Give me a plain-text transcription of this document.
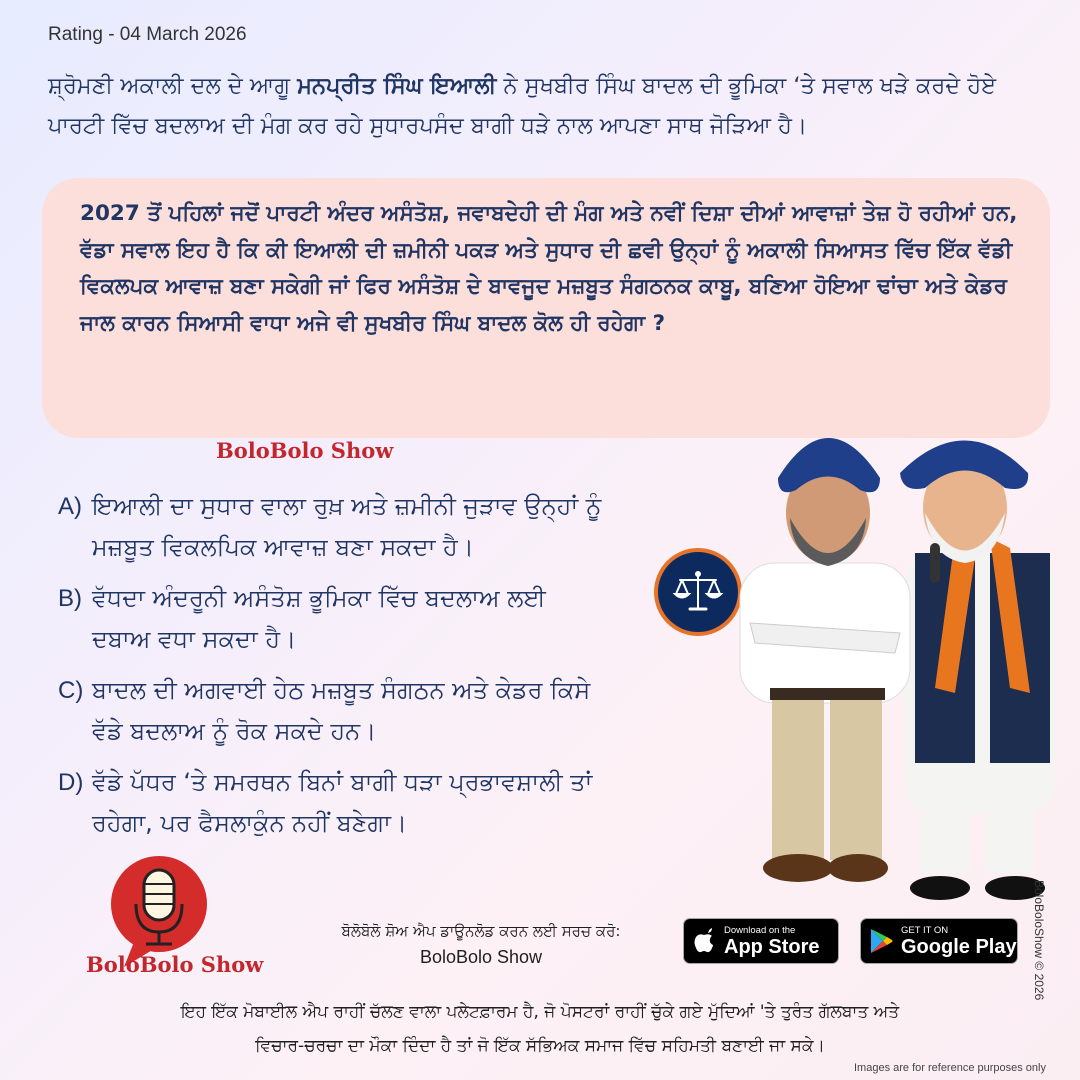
Rating - 04 March 2026
ਸ਼੍ਰੋਮਣੀ ਅਕਾਲੀ ਦਲ ਦੇ ਆਗੂ ਮਨਪ੍ਰੀਤ ਸਿੰਘ ਇਆਲੀ ਨੇ ਸੁਖਬੀਰ ਸਿੰਘ ਬਾਦਲ ਦੀ ਭੂਮਿਕਾ ‘ਤੇ ਸਵਾਲ ਖੜੇ ਕਰਦੇ ਹੋਏ ਪਾਰਟੀ ਵਿੱਚ ਬਦਲਾਅ ਦੀ ਮੰਗ ਕਰ ਰਹੇ ਸੁਧਾਰਪਸੰਦ ਬਾਗੀ ਧੜੇ ਨਾਲ ਆਪਣਾ ਸਾਥ ਜੋੜਿਆ ਹੈ।
2027 ਤੋਂ ਪਹਿਲਾਂ ਜਦੋਂ ਪਾਰਟੀ ਅੰਦਰ ਅਸੰਤੋਸ਼, ਜਵਾਬਦੇਹੀ ਦੀ ਮੰਗ ਅਤੇ ਨਵੀਂ ਦਿਸ਼ਾ ਦੀਆਂ ਆਵਾਜ਼ਾਂ ਤੇਜ਼ ਹੋ ਰਹੀਆਂ ਹਨ, ਵੱਡਾ ਸਵਾਲ ਇਹ ਹੈ ਕਿ ਕੀ ਇਆਲੀ ਦੀ ਜ਼ਮੀਨੀ ਪਕੜ ਅਤੇ ਸੁਧਾਰ ਦੀ ਛਵੀ ਉਨ੍ਹਾਂ ਨੂੰ ਅਕਾਲੀ ਸਿਆਸਤ ਵਿੱਚ ਇੱਕ ਵੱਡੀ ਵਿਕਲਪਕ ਆਵਾਜ਼ ਬਣਾ ਸਕੇਗੀ ਜਾਂ ਫਿਰ ਅਸੰਤੋਸ਼ ਦੇ ਬਾਵਜੂਦ ਮਜ਼ਬੂਤ ਸੰਗਠਨਕ ਕਾਬੂ, ਬਣਿਆ ਹੋਇਆ ਢਾਂਚਾ ਅਤੇ ਕੇਡਰ ਜਾਲ ਕਾਰਨ ਸਿਆਸੀ ਵਾਧਾ ਅਜੇ ਵੀ ਸੁਖਬੀਰ ਸਿੰਘ ਬਾਦਲ ਕੋਲ ਹੀ ਰਹੇਗਾ ?
BoloBolo Show
A) ਇਆਲੀ ਦਾ ਸੁਧਾਰ ਵਾਲਾ ਰੁਖ਼ ਅਤੇ ਜ਼ਮੀਨੀ ਜੁੜਾਵ ਉਨ੍ਹਾਂ ਨੂੰ
ਮਜ਼ਬੂਤ ਵਿਕਲਪਿਕ ਆਵਾਜ਼ ਬਣਾ ਸਕਦਾ ਹੈ।
B) ਵੱਧਦਾ ਅੰਦਰੂਨੀ ਅਸੰਤੋਸ਼ ਭੂਮਿਕਾ ਵਿੱਚ ਬਦਲਾਅ ਲਈ
ਦਬਾਅ ਵਧਾ ਸਕਦਾ ਹੈ।
C) ਬਾਦਲ ਦੀ ਅਗਵਾਈ ਹੇਠ ਮਜ਼ਬੂਤ ਸੰਗਠਨ ਅਤੇ ਕੇਡਰ ਕਿਸੇ
ਵੱਡੇ ਬਦਲਾਅ ਨੂੰ ਰੋਕ ਸਕਦੇ ਹਨ।
D) ਵੱਡੇ ਪੱਧਰ ‘ਤੇ ਸਮਰਥਨ ਬਿਨਾਂ ਬਾਗੀ ਧੜਾ ਪ੍ਰਭਾਵਸ਼ਾਲੀ ਤਾਂ
ਰਹੇਗਾ, ਪਰ ਫੈਸਲਾਕੁੰਨ ਨਹੀਂ ਬਣੇਗਾ।
BoloBolo Show
ਬੋਲੋਬੋਲੋ ਸ਼ੋਅ ਐਪ ਡਾਊਨਲੋਡ ਕਰਨ ਲਈ ਸਰਚ ਕਰੋ:
BoloBolo Show
Download on the
App Store
GET IT ON
Google Play
ਇਹ ਇੱਕ ਮੋਬਾਈਲ ਐਪ ਰਾਹੀਂ ਚੱਲਣ ਵਾਲਾ ਪਲੇਟਫ਼ਾਰਮ ਹੈ, ਜੋ ਪੋਸਟਰਾਂ ਰਾਹੀਂ ਚੁੱਕੇ ਗਏ ਮੁੱਦਿਆਂ 'ਤੇ ਤੁਰੰਤ ਗੱਲਬਾਤ ਅਤੇ
ਵਿਚਾਰ-ਚਰਚਾ ਦਾ ਮੌਕਾ ਦਿੰਦਾ ਹੈ ਤਾਂ ਜੋ ਇੱਕ ਸੱਭਿਅਕ ਸਮਾਜ ਵਿੱਚ ਸਹਿਮਤੀ ਬਣਾਈ ਜਾ ਸਕੇ।
BoloBoloShow © 2026
Images are for reference purposes only
